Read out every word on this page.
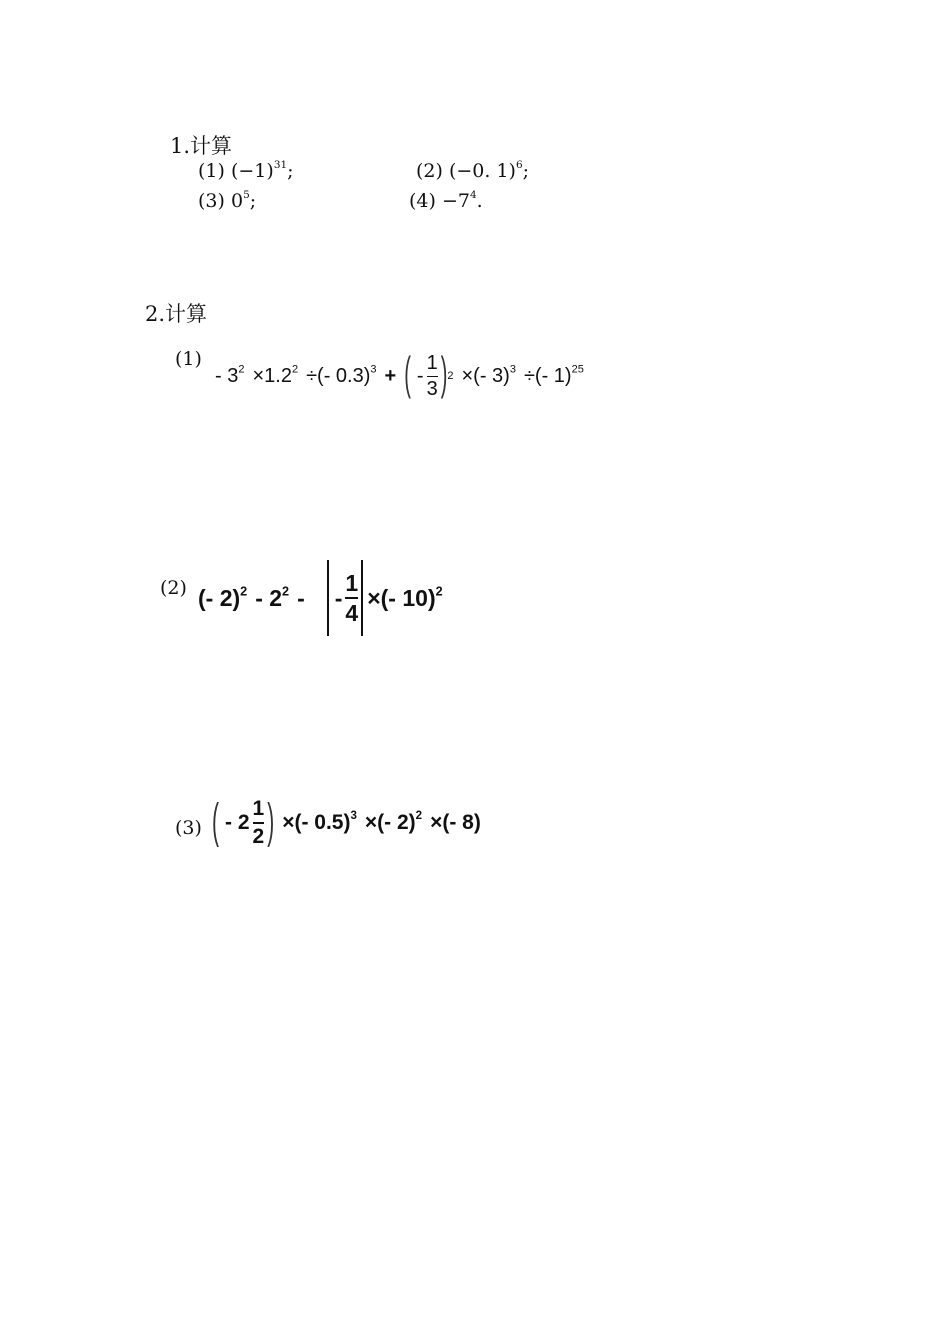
1.计算
(1) $(-1)^{31}$;	(2) (−0. 1)$^6$;
(3) $0^5$;	$(4) -7^4$.
2.计算
(1)
- $3^2 \times 1.2^2$ ÷(- 0.3)$^3$ + ( - $\frac{1}{3}$ ) 2 ×(- 3)$^3$ ÷(- 1)$^{25}$
(2) (- $2)^2 - 2^2$ - - $\frac{1}{4}$ ×(- 10)$^2$
(3) ( - $2 \frac{1}{2}$ ) ×(- 0.5)$^3$ ×(- 2)$^2$ ×(- 8)
